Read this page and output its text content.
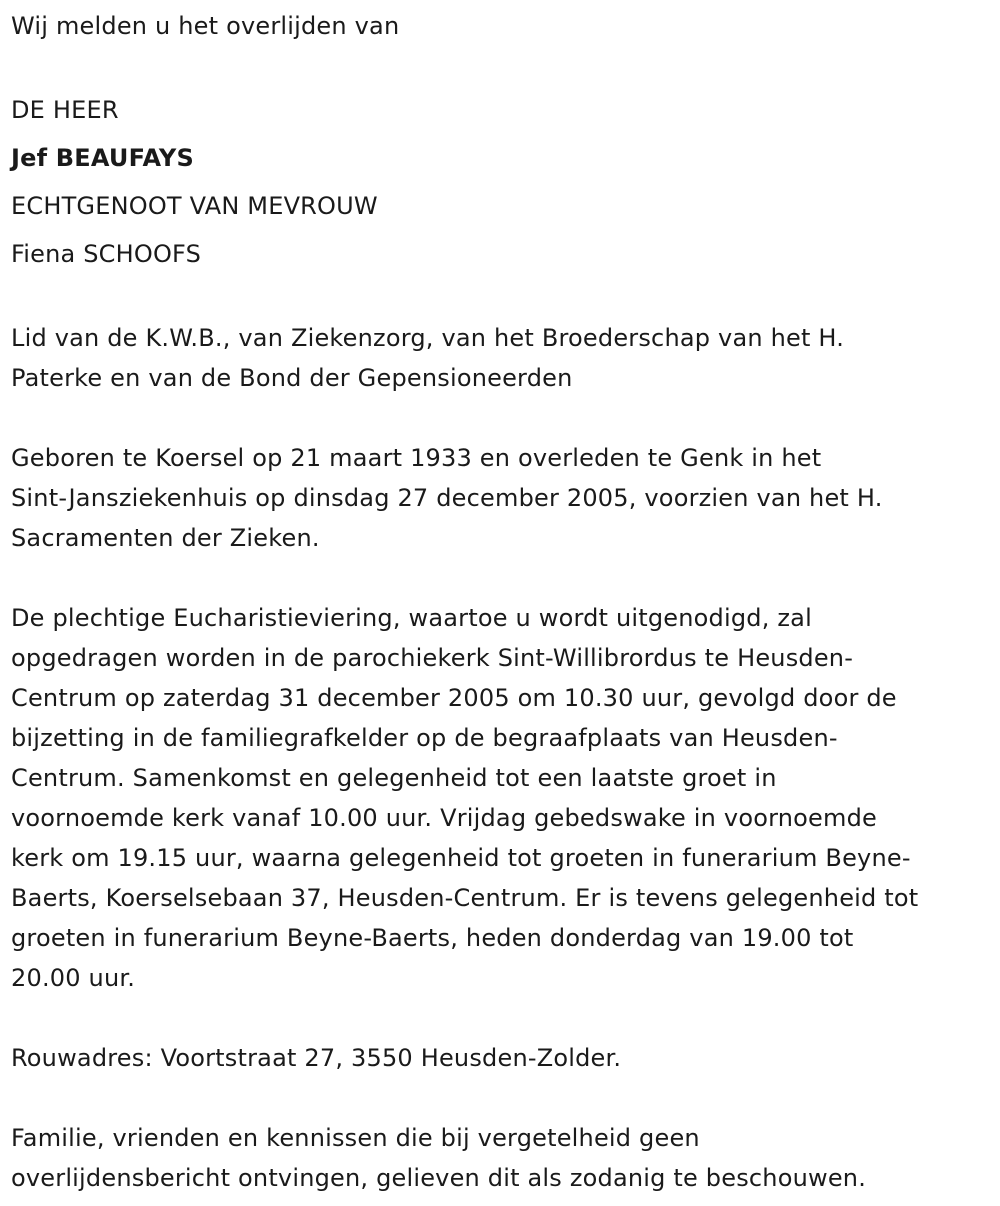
Wij melden u het overlijden van
DE HEER
Jef BEAUFAYS
ECHTGENOOT VAN MEVROUW
Fiena SCHOOFS
Lid van de K.W.B., van Ziekenzorg, van het Broederschap van het H.
Paterke en van de Bond der Gepensioneerden
Geboren te Koersel op 21 maart 1933 en overleden te Genk in het
Sint-Jansziekenhuis op dinsdag 27 december 2005, voorzien van het H.
Sacramenten der Zieken.
De plechtige Eucharistieviering, waartoe u wordt uitgenodigd, zal
opgedragen worden in de parochiekerk Sint-Willibrordus te Heusden-
Centrum op zaterdag 31 december 2005 om 10.30 uur, gevolgd door de
bijzetting in de familiegrafkelder op de begraafplaats van Heusden-
Centrum. Samenkomst en gelegenheid tot een laatste groet in
voornoemde kerk vanaf 10.00 uur. Vrijdag gebedswake in voornoemde
kerk om 19.15 uur, waarna gelegenheid tot groeten in funerarium Beyne-
Baerts, Koerselsebaan 37, Heusden-Centrum. Er is tevens gelegenheid tot
groeten in funerarium Beyne-Baerts, heden donderdag van 19.00 tot
20.00 uur.
Rouwadres: Voortstraat 27, 3550 Heusden-Zolder.
Familie, vrienden en kennissen die bij vergetelheid geen
overlijdensbericht ontvingen, gelieven dit als zodanig te beschouwen.
